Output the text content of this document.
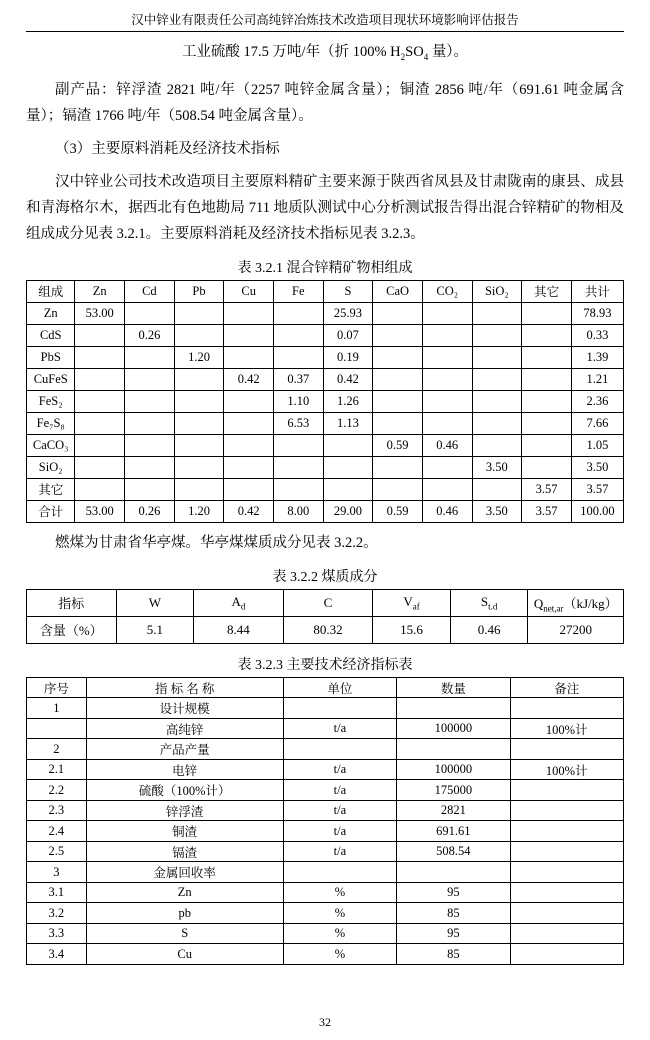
汉中锌业有限责任公司高纯锌冶炼技术改造项目现状环境影响评估报告
工业硫酸 17.5 万吨/年（折 100% $H_2SO_4$ 量）。
副产品：锌浮渣 2821 吨/年（2257 吨锌金属含量）；铜渣 2856 吨/年（691.61 吨金属含量）；镉渣 1766 吨/年（508.54 吨金属含量）。
（3）主要原料消耗及经济技术指标
汉中锌业公司技术改造项目主要原料精矿主要来源于陕西省凤县及甘肃陇南的康县、成县和青海格尔木，据西北有色地勘局 711 地质队测试中心分析测试报告得出混合锌精矿的物相及组成成分见表 3.2.1。主要原料消耗及经济技术指标见表 3.2.3。
表 3.2.1 混合锌精矿物相组成
组成	Zn	Cd	Pb	Cu	Fe	S	CaO	CO₂	SiO₂	其它	共计
Zn	53.00					25.93					78.93
CdS		0.26				0.07					0.33
PbS			1.20			0.19					1.39
CuFeS				0.42	0.37	0.42					1.21
FeS₂					1.10	1.26					2.36
Fe₇S₈					6.53	1.13					7.66
CaCO₃							0.59	0.46			1.05
SiO₂									3.50		3.50
其它										3.57	3.57
合计	53.00	0.26	1.20	0.42	8.00	29.00	0.59	0.46	3.50	3.57	100.00
燃煤为甘肃省华亭煤。华亭煤煤质成分见表 3.2.2。
表 3.2.2 煤质成分
指标	W	$A_d$	C	$V_{af}$	$S_{t.d}$	$Q_{net,ar}(kJ/kg)$
含量（%）	5.1	8.44	80.32	15.6	0.46	27200
表 3.2.3 主要技术经济指标表
序号	指 标 名 称	单位	数量	备注
1	设计规模			
	高纯锌	t/a	100000	100%计
2	产品产量			
2.1	电锌	t/a	100000	100%计
2.2	硫酸（100%计）	t/a	175000	
2.3	锌浮渣	t/a	2821	
2.4	铜渣	t/a	691.61	
2.5	镉渣	t/a	508.54	
3	金属回收率			
3.1	Zn	%	95	
3.2	pb	%	85	
3.3	S	%	95	
3.4	Cu	%	85	
32
